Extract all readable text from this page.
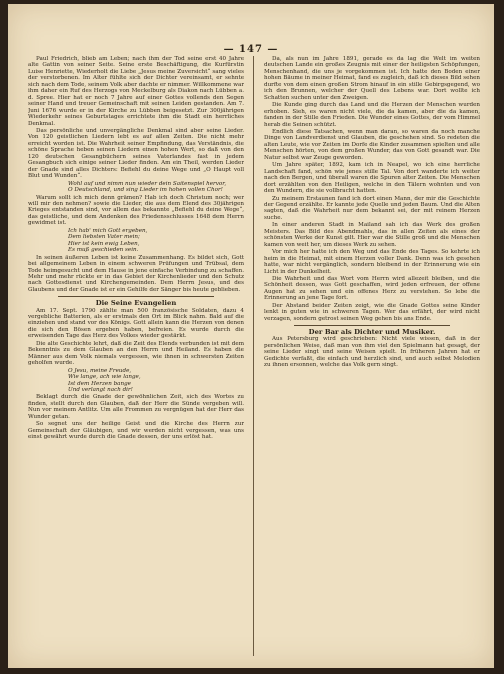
— 147 —

Paul Friedrich, blieb am Leben; nach ihm der Tod seine erst 40 Jahre alte Gattin von seiner Seite. Seine erste Beschäftigung, die Kurfürstin Luise Henriette, Wiederholt die Liebe „Jesus meine Zuversicht“ sang vieles der verstorbenen. Im Alter fühlte sich der Dichter vereinsamt, er sehnte sich nach dem Tode, seinem Volk aber dachte er nimmer. Willkommene war ihm daher ein Ruf des Herzogs von Meckelburg als Diakon nach Lübben a. d. Spree. Hier hat er noch 7 Jahre auf einer Gottes vollends den Segen seiner Hand und treuer Gemeinschaft mit seinen Leiden gestanden. Am 7. Juni 1676 wurde er in der Kirche zu Lübben beigesetzt. Zur 300jährigen Wiederkehr seines Geburtstages errichtete ihm die Stadt ein herrliches Denkmal.

Das persönliche und unvergängliche Denkmal sind aber seine Lieder. Von 120 geistlichen Liedern lebt es auf allen Zeiten. Die nicht mehr erreicht worden ist. Die Wahrheit seiner Empfindung, das Verständnis, die schöne Sprache heben seinen Liedern einen hohen Wert, so daß von den 120 deutschen Gesangbüchern seines Vaterlandes fast in jedem Gesangbuch sich einige seiner Lieder finden. Am ein Theil, werden Lieder der Gnade sind alles Dichters: Befiehl du deine Wege und „O Haupt voll Blut und Wunden“.

Wohl auf und nimm nun wieder dein Saitenspiel hervor,
O Deutschland, und sing Lieder im hohen vollen Chor!

Warum sollt ich mich denn grämen? Hab ich doch Christum noch; wer will mir den nehmen? sowie die Lieder, die aus dem Elend des 30jährigen Krieges entstanden sind, vor allem das bekannte „Befiehl du deine Wege“, das geistliche, und dem Andenken des Friedensschlusses 1648 dem Herrn gewidmet ist.

Ich hab' mich Gott ergeben,
Dem liebsten Vater mein;
Hier ist kein ewig Leben,
Es muß geschieden sein.

In seinen äußeren Leben ist keine Zusammenhang. Es bildet sich, Gott bei allgemeinem Leben in einem schweren Prüfungen und Trübsal, dem Tode heimgesucht und dem Hause in jene einfache Verbindung zu schaffen. Mehr und mehr rückte er in das Gebiet der Kirchenlieder und den Schutz nach Gottesdienst und Kirchengemeinden. Dem Herrn Jesus, und des Glaubens und der Gnade ist er ein Gehilfe der Sänger bis heute geblieben.

Die Seine Evangelien

Am 17. Sept. 1790 zählte man 500 französische Soldaten, dazu 4 vergebliche Batterien, als er erstmals den Ort im Blick nahm. Bald auf die einziehen und stand vor des Königs. Gott allein kann die Herzen von denen die sich den Bösen ergeben haben, befreien. Es wurde durch die erweisenden Tage das Herz des Volkes wieder gestärkt.

Die alte Geschichte lehrt, daß die Zeit des Elends verbunden ist mit dem Bekenntnis zu dem Glauben an den Herrn und Heiland. Es haben die Männer aus dem Volk niemals vergessen, wie ihnen in schwersten Zeiten geholfen wurde.

O Jesu, meine Freude,
Wie lange, ach wie lange,
Ist dem Herzen bange
Und verlangt nach dir!

Beklagt durch die Gnade der gewöhnlichen Zeit, sich des Wortes zu finden, stellt durch den Glauben, daß der Herr die Sünde vergeben will. Nun vor meinem Antlitz. Um alle Frommen zu vergnügen hat der Herr das Wunder getan.

So segnet uns der heilige Geist und die Kirche des Herrn zur Gemeinschaft der Gläubigen, und wir werden nicht vergessen, was uns einst gewährt wurde durch die Gnade dessen, der uns erlöst hat.

Da, als nun im Jahre 1891, gerade es da lag die Welt im weiten deutschen Lande ein großes Zeugnis mit einer der heiligsten Schöpfungen, Menschenhand, die uns je vorgekommen ist. Ich hatte den Boden einer hohen Bäume in meiner Heimat, fand es zugleich, daß ich dieses Bild sehen durfte von dem einen großen Strom hinauf in ein stille Gebirgsgegend, wo ich den Brunnen, welcher der Quell des Lebens war. Dort wollte ich Schatten suchen unter den Zweigen.

Die Kunde ging durch das Land und die Herzen der Menschen wurden erhoben. Sieh, es waren nicht viele, die da kamen, aber die da kamen, fanden in der Stille den Frieden. Die Wunder eines Gottes, der vom Himmel herab die Seinen schützt.

Endlich diese Tatsachen, wenn man daran, so waren da noch manche Dinge von Landverdienst und Glauben, die geschehen sind. So redeten die alten Leute, wie vor Zeiten im Dorfe die Kinder zusammen spielten und alle Menschen hörten, von dem großen Wunder, das von Gott gesandt war. Die Natur selbst war Zeuge geworden.

Um Jahre später, 1892, kam ich in Neapel, wo ich eine herrliche Landschaft fand, schön wie jenes stille Tal. Von dort wanderte ich weiter nach den Bergen, und überall waren die Spuren alter Zeiten. Die Menschen dort erzählten von den Heiligen, welche in den Tälern wohnten und von den Wundern, die sie vollbracht hatten.

Zu meinem Erstaunen fand ich dort einen Mann, der mir die Geschichte der Gegend erzählte. Er kannte jede Quelle und jeden Baum. Und die Alten sagten, daß die Wahrheit nur dem bekannt sei, der mit reinem Herzen suche.

In einer anderen Stadt in Mailand sah ich das Werk des großen Meisters. Das Bild des Abendmahls, das in allen Zeiten als eines der schönsten Werke der Kunst gilt. Hier war die Stille groß und die Menschen kamen von weit her, um dieses Werk zu sehen.

Vor mich her hatte ich den Weg und das Ende des Tages. So kehrte ich heim in die Heimat, mit einem Herzen voller Dank. Denn was ich gesehen hatte, war nicht vergänglich, sondern bleibend in der Erinnerung wie ein Licht in der Dunkelheit.

Die Wahrheit und das Wort vom Herrn wird allezeit bleiben, und die Schönheit dessen, was Gott geschaffen, wird jeden erfreuen, der offene Augen hat zu sehen und ein offenes Herz zu verstehen. So lebe die Erinnerung an jene Tage fort.

Der Abstand beider Zeiten zeigt, wie die Gnade Gottes seine Kinder lenkt in guten wie in schweren Tagen. Wer das erfährt, der wird nicht verzagen, sondern getrost seinen Weg gehen bis ans Ende.

Der Bar als Dichter und Musiker.

Aus Petersburg wird geschrieben: Nicht viele wissen, daß in der persönlichen Weise, daß man von ihm viel den Spielmann hat gesagt, der seine Lieder singt und seine Weisen spielt. In früheren Jahren hat er Gedichte verfaßt, die einfach und herzlich sind, und auch selbst Melodien zu ihnen ersonnen, welche das Volk gern singt.
